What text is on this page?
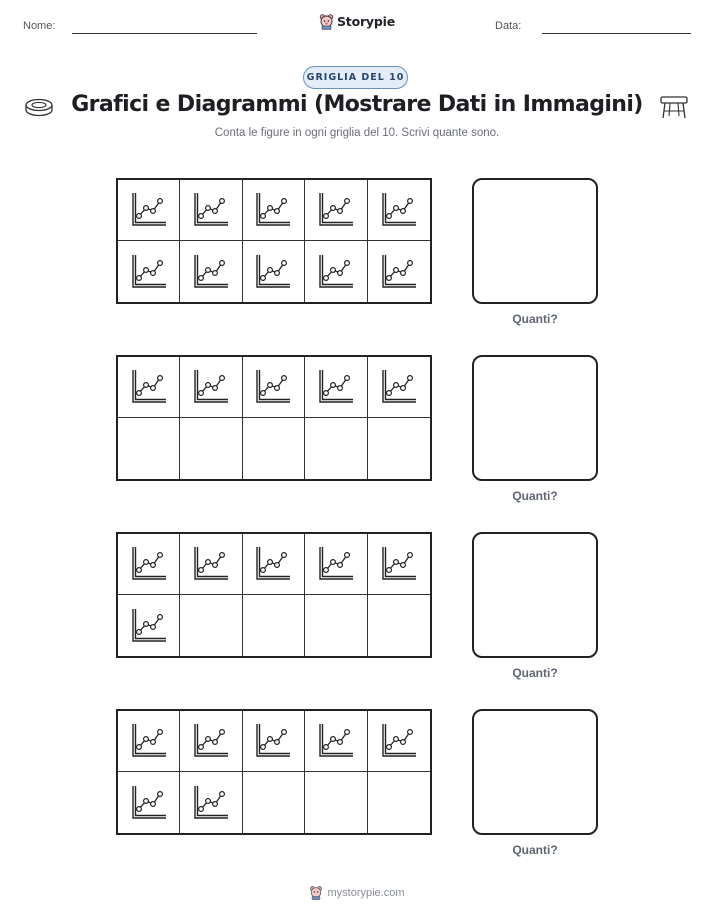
Nome:	Storypie	Data:
GRIGLIA DEL 10
Grafici e Diagrammi (Mostrare Dati in Immagini)
Conta le figure in ogni griglia del 10. Scrivi quante sono.
Quanti?
Quanti?
Quanti?
Quanti?
mystorypie.com
